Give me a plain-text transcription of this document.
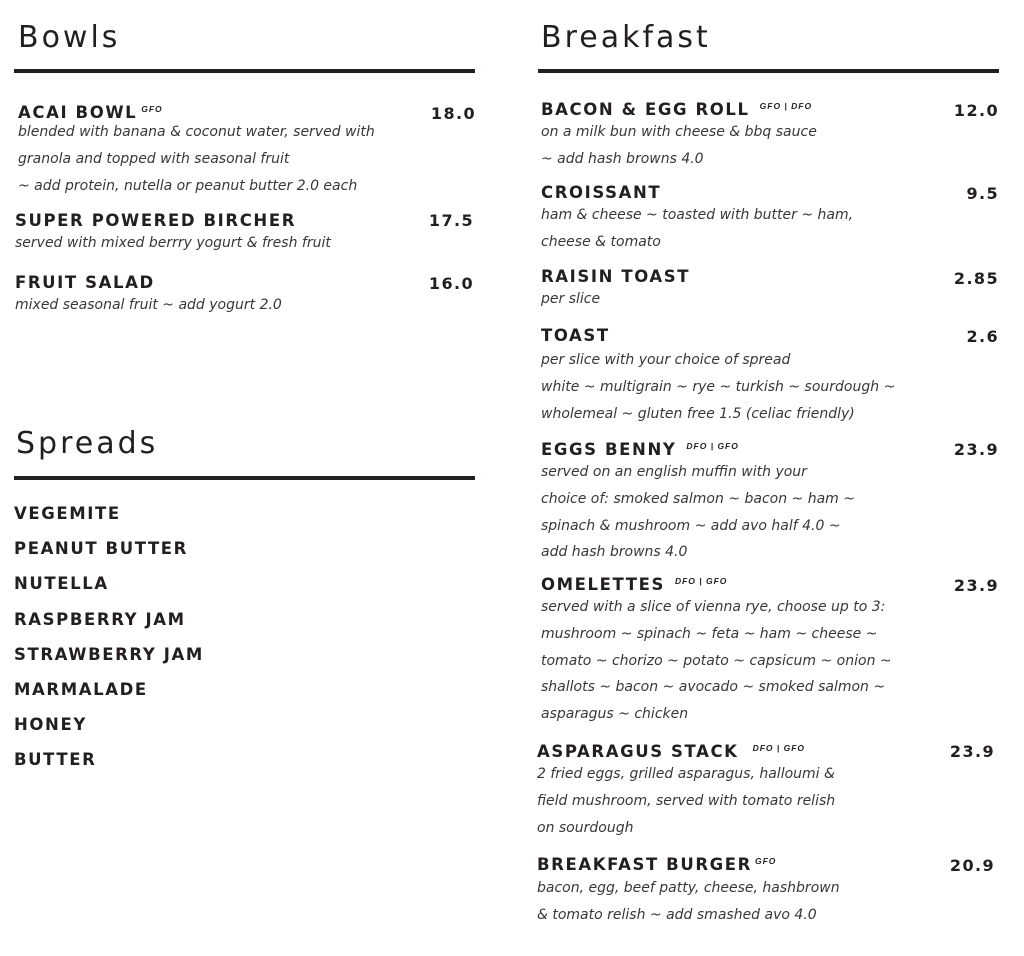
Bowls
ACAI BOWL $^{GFO}$	18.0
blended with banana & coconut water, served with
granola and topped with seasonal fruit
~ add protein, nutella or peanut butter 2.0 each
SUPER POWERED BIRCHER	17.5
served with mixed berrry yogurt & fresh fruit
FRUIT SALAD	16.0
mixed seasonal fruit ~ add yogurt 2.0
Spreads
VEGEMITE
PEANUT BUTTER
NUTELLA
RASPBERRY JAM
STRAWBERRY JAM
MARMALADE
HONEY
BUTTER
Breakfast
BACON & EGG ROLL $^{GFO | DFO}$	12.0
on a milk bun with cheese & bbq sauce
~ add hash browns 4.0
CROISSANT	9.5
ham & cheese ~ toasted with butter ~ ham,
cheese & tomato
RAISIN TOAST	2.85
per slice
TOAST	2.6
per slice with your choice of spread
white ~ multigrain ~ rye ~ turkish ~ sourdough ~
wholemeal ~ gluten free 1.5 (celiac friendly)
EGGS BENNY $^{DFO | GFO}$	23.9
served on an english muffin with your
choice of: smoked salmon ~ bacon ~ ham ~
spinach & mushroom ~ add avo half 4.0 ~
add hash browns 4.0
OMELETTES $^{DFO | GFO}$	23.9
served with a slice of vienna rye, choose up to 3:
mushroom ~ spinach ~ feta ~ ham ~ cheese ~
tomato ~ chorizo ~ potato ~ capsicum ~ onion ~
shallots ~ bacon ~ avocado ~ smoked salmon ~
asparagus ~ chicken
ASPARAGUS STACK $^{DFO | GFO}$	23.9
2 fried eggs, grilled asparagus, halloumi &
field mushroom, served with tomato relish
on sourdough
BREAKFAST BURGER $^{GFO}$	20.9
bacon, egg, beef patty, cheese, hashbrown
& tomato relish ~ add smashed avo 4.0
